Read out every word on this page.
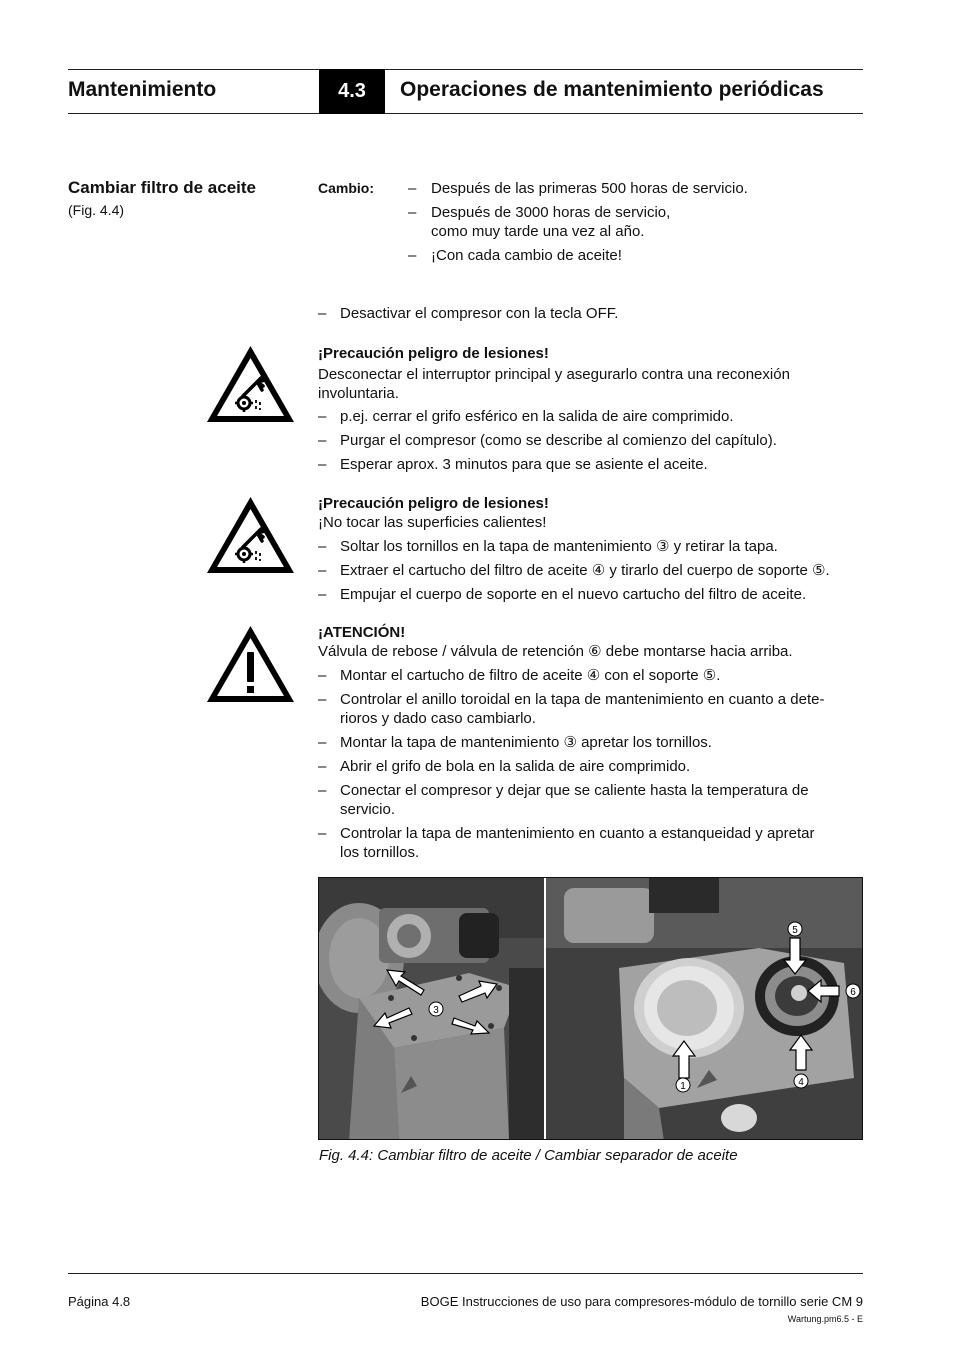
Mantenimiento	4.3	Operaciones de mantenimiento periódicas
Cambiar filtro de aceite
(Fig. 4.4)
Cambio: – Después de las primeras 500 horas de servicio.
– Después de 3000 horas de servicio,
como muy tarde una vez al año.
– ¡Con cada cambio de aceite!
– Desactivar el compresor con la tecla OFF.
¡Precaución peligro de lesiones!
Desconectar el interruptor principal y asegurarlo contra una reconexión
involuntaria.
– p.ej. cerrar el grifo esférico en la salida de aire comprimido.
– Purgar el compresor (como se describe al comienzo del capítulo).
– Esperar aprox. 3 minutos para que se asiente el aceite.
¡Precaución peligro de lesiones!
¡No tocar las superficies calientes!
– Soltar los tornillos en la tapa de mantenimiento ③ y retirar la tapa.
– Extraer el cartucho del filtro de aceite ④ y tirarlo del cuerpo de soporte ⑤.
– Empujar el cuerpo de soporte en el nuevo cartucho del filtro de aceite.
¡ATENCIÓN!
Válvula de rebose / válvula de retención ⑥ debe montarse hacia arriba.
– Montar el cartucho de filtro de aceite ④ con el soporte ⑤.
– Controlar el anillo toroidal en la tapa de mantenimiento en cuanto a dete-
rioros y dado caso cambiarlo.
– Montar la tapa de mantenimiento ③ apretar los tornillos.
– Abrir el grifo de bola en la salida de aire comprimido.
– Conectar el compresor y dejar que se caliente hasta la temperatura de
servicio.
– Controlar la tapa de mantenimiento en cuanto a estanqueidad y apretar
los tornillos.
3
5
6
1	4
Fig. 4.4: Cambiar filtro de aceite / Cambiar separador de aceite
Página 4.8	BOGE Instrucciones de uso para compresores-módulo de tornillo serie CM 9
Wartung.pm6.5 - E
